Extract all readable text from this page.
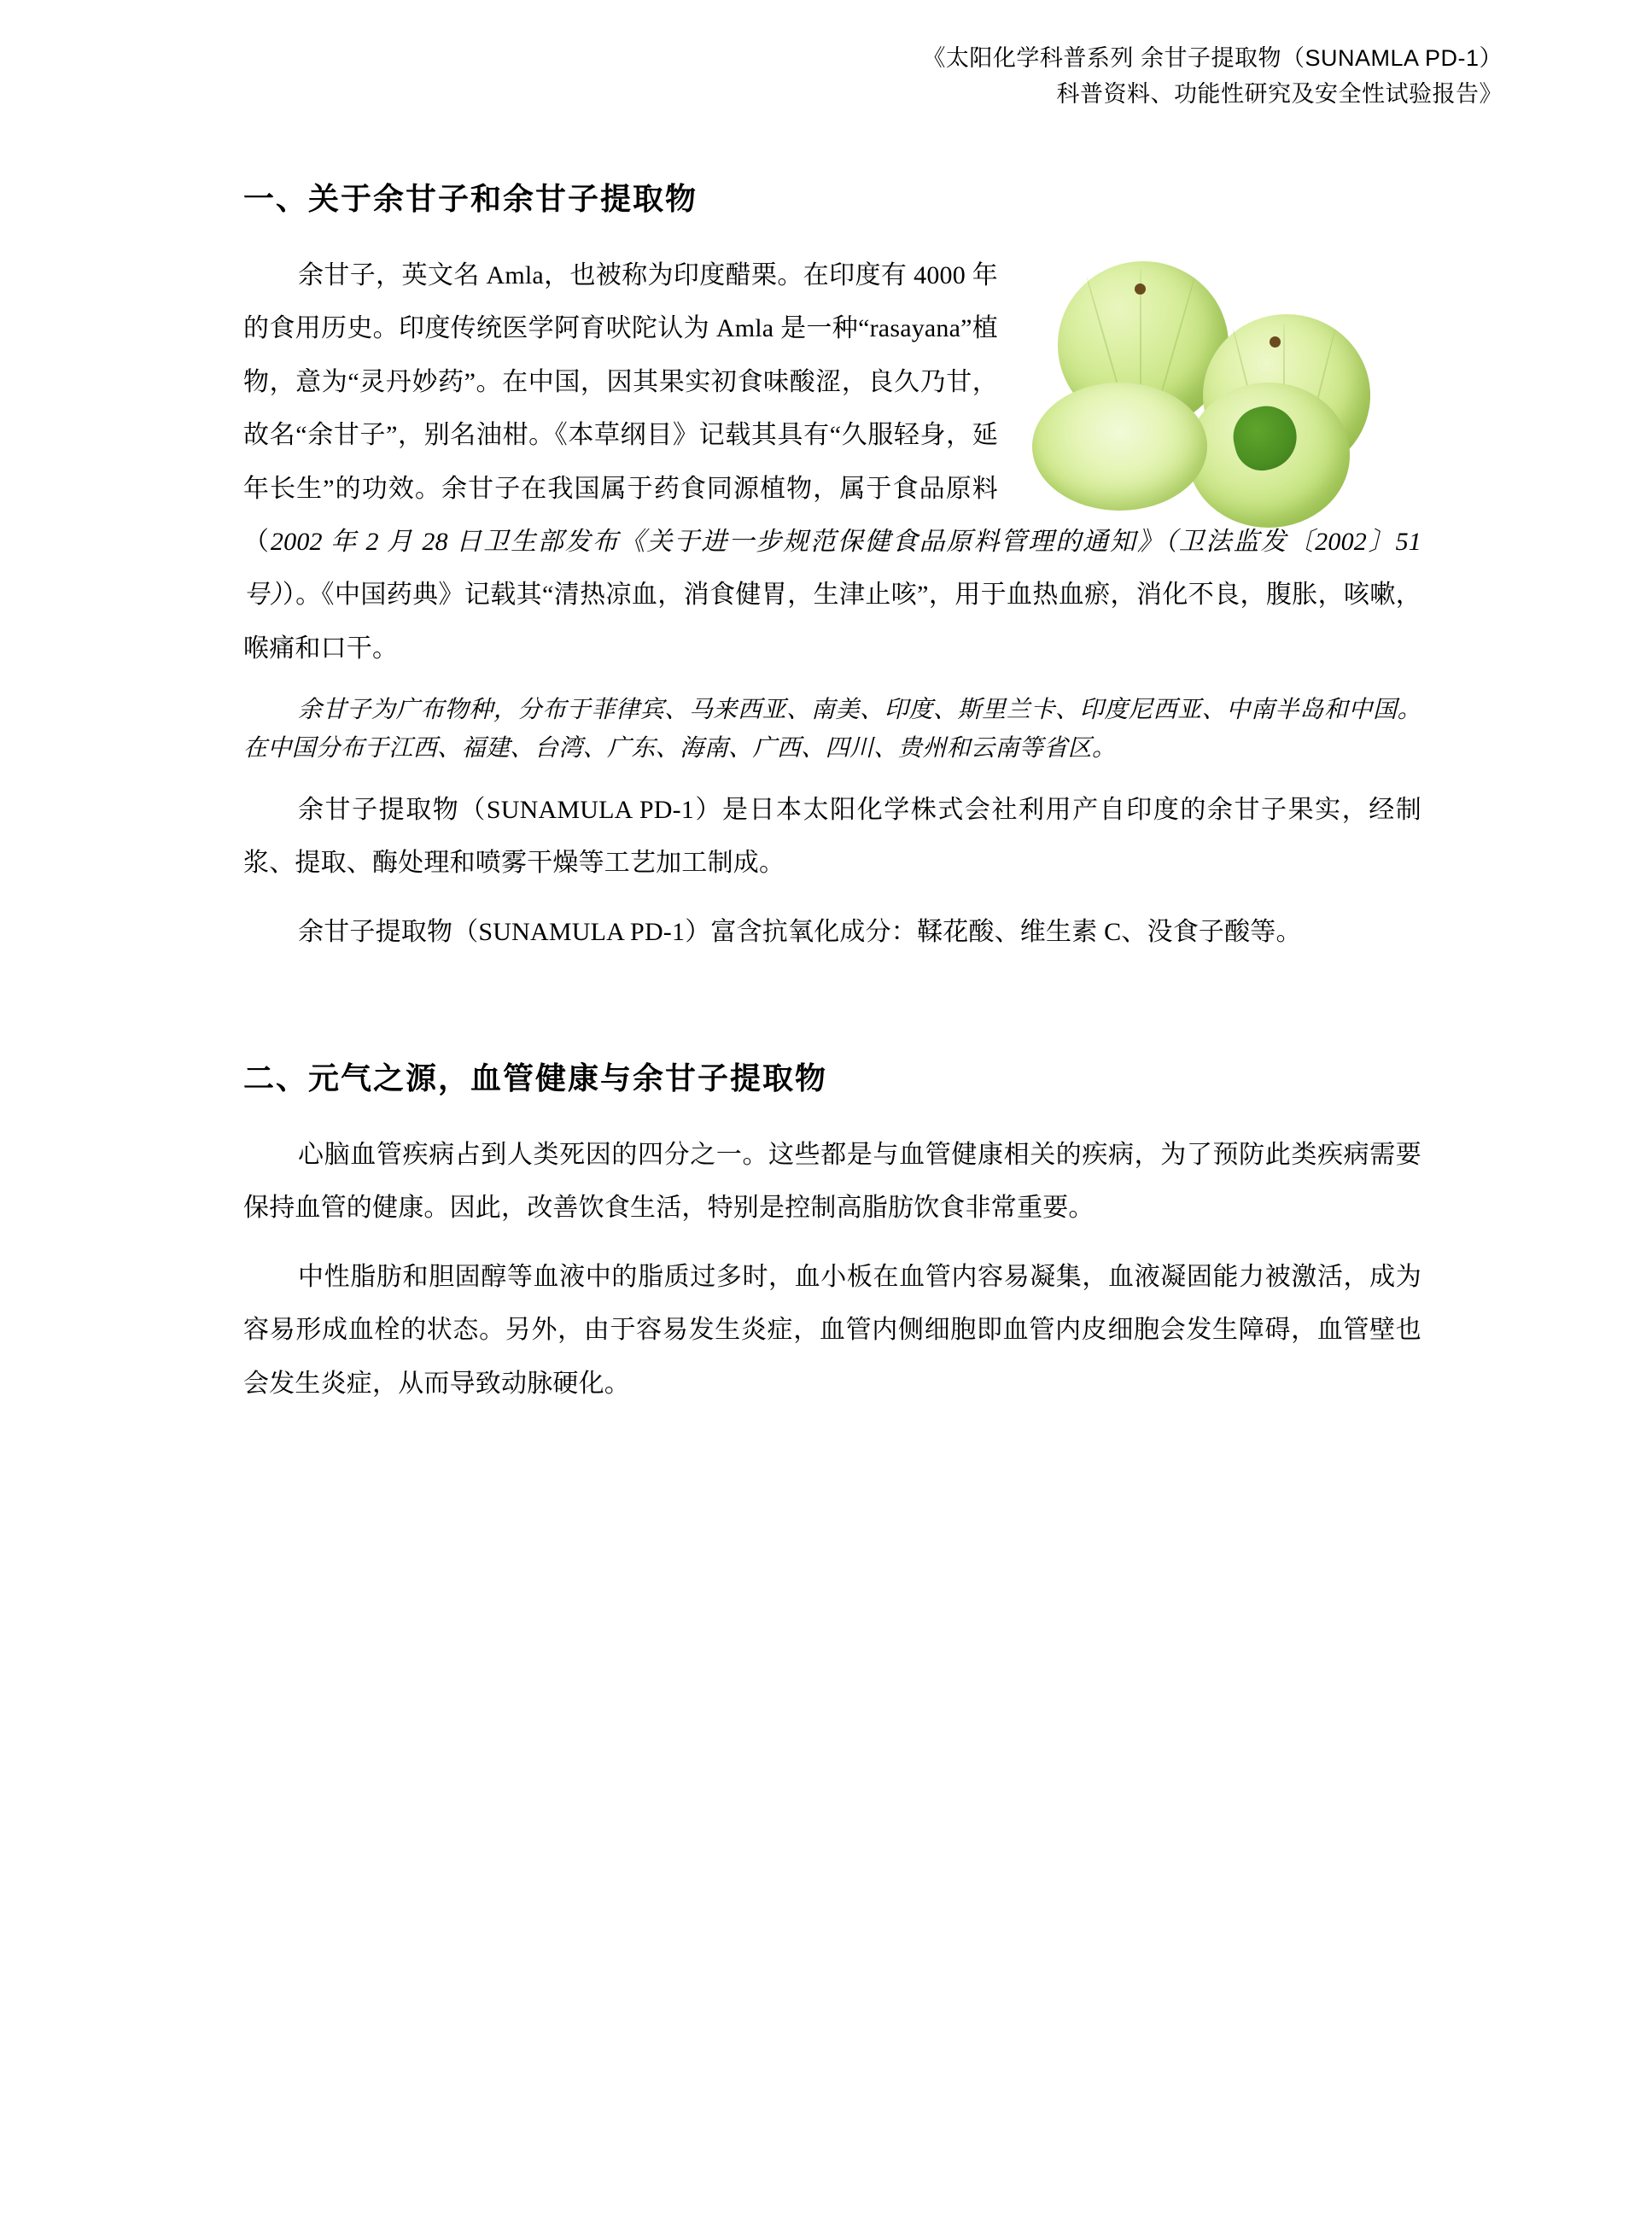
《太阳化学科普系列 余甘子提取物（SUNAMLA PD-1）
科普资料、功能性研究及安全性试验报告》
一、关于余甘子和余甘子提取物

余甘子，英文名 Amla，也被称为印度醋栗。在印度有 4000 年的食用历史。印度传统医学阿育吠陀认为 Amla 是一种“rasayana”植物，意为“灵丹妙药”。在中国，因其果实初食味酸涩，良久乃甘，故名“余甘子”，别名油柑。《本草纲目》记载其具有“久服轻身，延年长生”的功效。余甘子在我国属于药食同源植物，属于食品原料（2002 年 2 月 28 日卫生部发布《关于进一步规范保健食品原料管理的通知》（卫法监发〔2002〕51 号））。《中国药典》记载其“清热凉血，消食健胃，生津止咳”，用于血热血瘀，消化不良，腹胀，咳嗽，喉痛和口干。

余甘子为广布物种，分布于菲律宾、马来西亚、南美、印度、斯里兰卡、印度尼西亚、中南半岛和中国。在中国分布于江西、福建、台湾、广东、海南、广西、四川、贵州和云南等省区。

余甘子提取物（SUNAMULA PD-1）是日本太阳化学株式会社利用产自印度的余甘子果实，经制浆、提取、酶处理和喷雾干燥等工艺加工制成。

余甘子提取物（SUNAMULA PD-1）富含抗氧化成分：鞣花酸、维生素 C、没食子酸等。

二、元气之源，血管健康与余甘子提取物

心脑血管疾病占到人类死因的四分之一。这些都是与血管健康相关的疾病，为了预防此类疾病需要保持血管的健康。因此，改善饮食生活，特别是控制高脂肪饮食非常重要。

中性脂肪和胆固醇等血液中的脂质过多时，血小板在血管内容易凝集，血液凝固能力被激活，成为容易形成血栓的状态。另外，由于容易发生炎症，血管内侧细胞即血管内皮细胞会发生障碍，血管壁也会发生炎症，从而导致动脉硬化。
